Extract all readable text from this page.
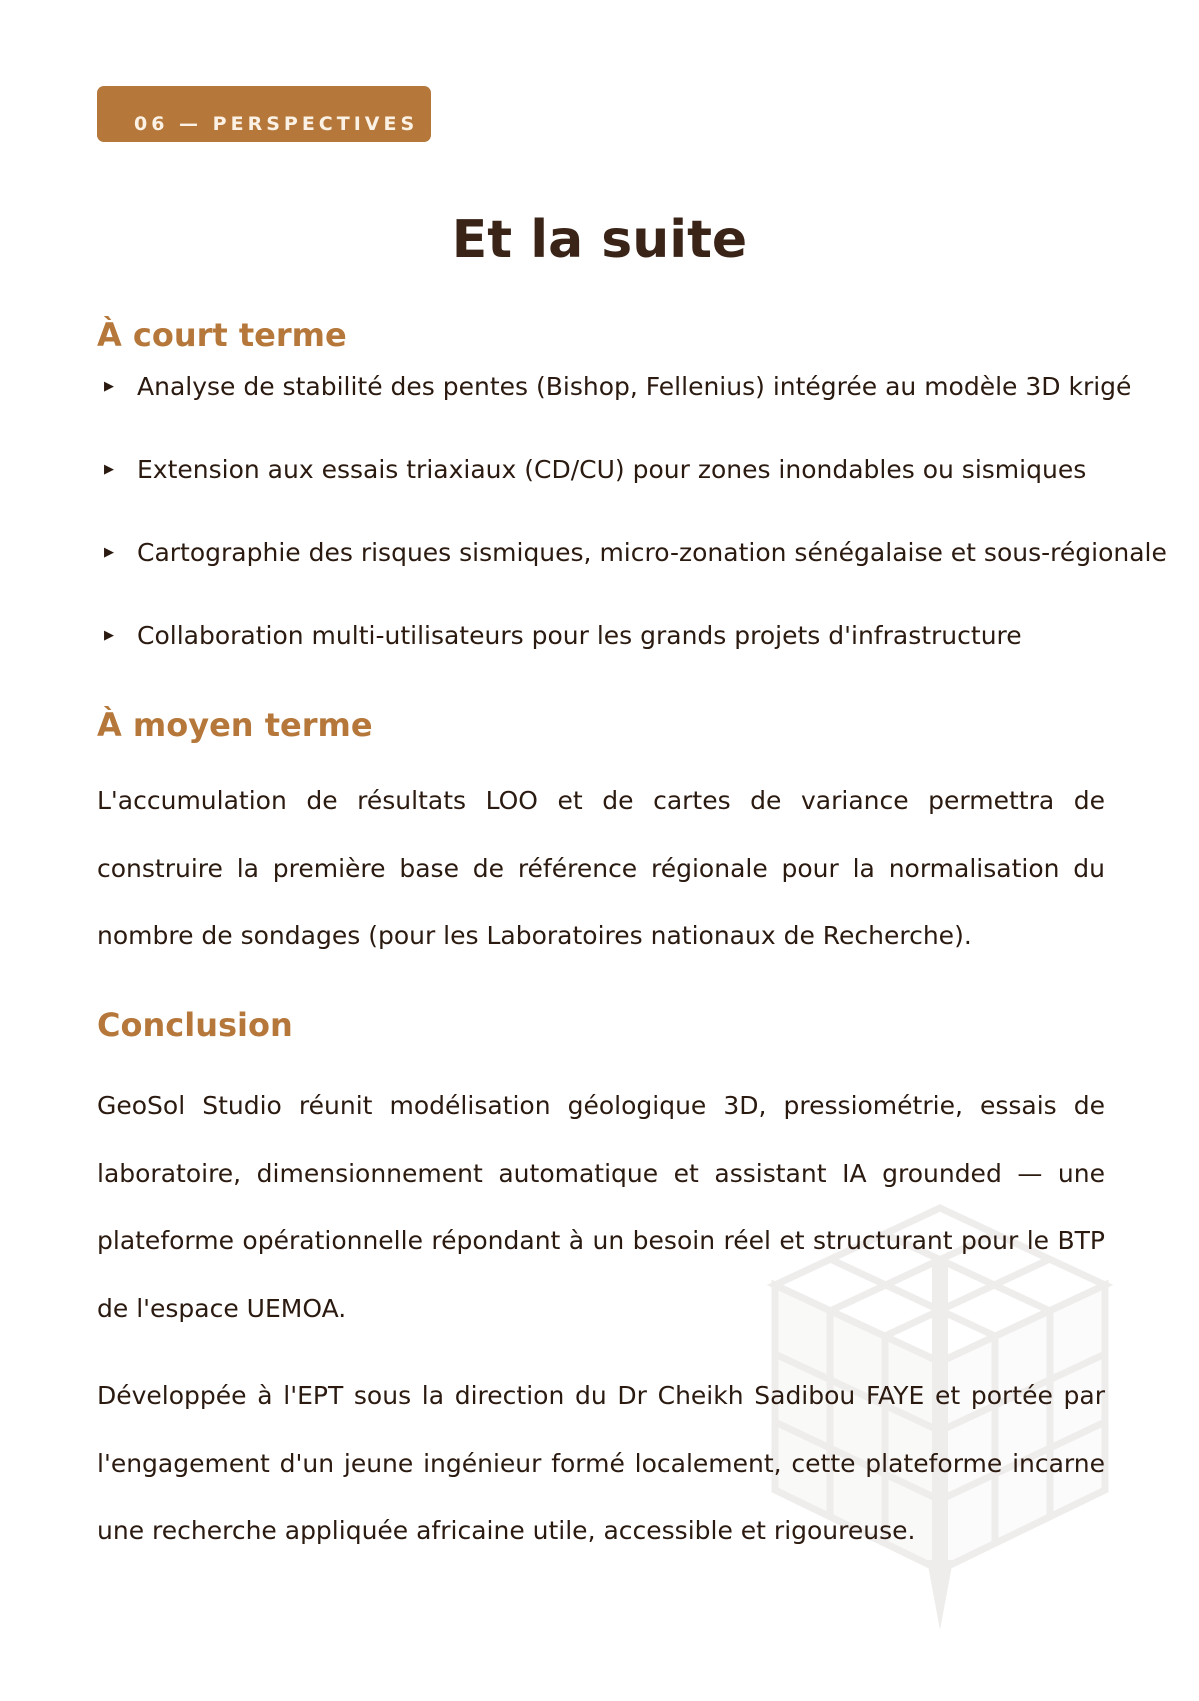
06 — PERSPECTIVES
Et la suite
À court terme
▶ Analyse de stabilité des pentes (Bishop, Fellenius) intégrée au modèle 3D krigé
▶ Extension aux essais triaxiaux (CD/CU) pour zones inondables ou sismiques
▶ Cartographie des risques sismiques, micro-zonation sénégalaise et sous-régionale
▶ Collaboration multi-utilisateurs pour les grands projets d'infrastructure
À moyen terme

L'accumulation de résultats LOO et de cartes de variance permettra de construire la première base de référence régionale pour la normalisation du nombre de sondages (pour les Laboratoires nationaux de Recherche).

Conclusion

GeoSol Studio réunit modélisation géologique 3D, pressiométrie, essais de laboratoire, dimensionnement automatique et assistant IA grounded — une plateforme opérationnelle répondant à un besoin réel et structurant pour le BTP de l'espace UEMOA.

Développée à l'EPT sous la direction du Dr Cheikh Sadibou FAYE et portée par l'engagement d'un jeune ingénieur formé localement, cette plateforme incarne une recherche appliquée africaine utile, accessible et rigoureuse.
